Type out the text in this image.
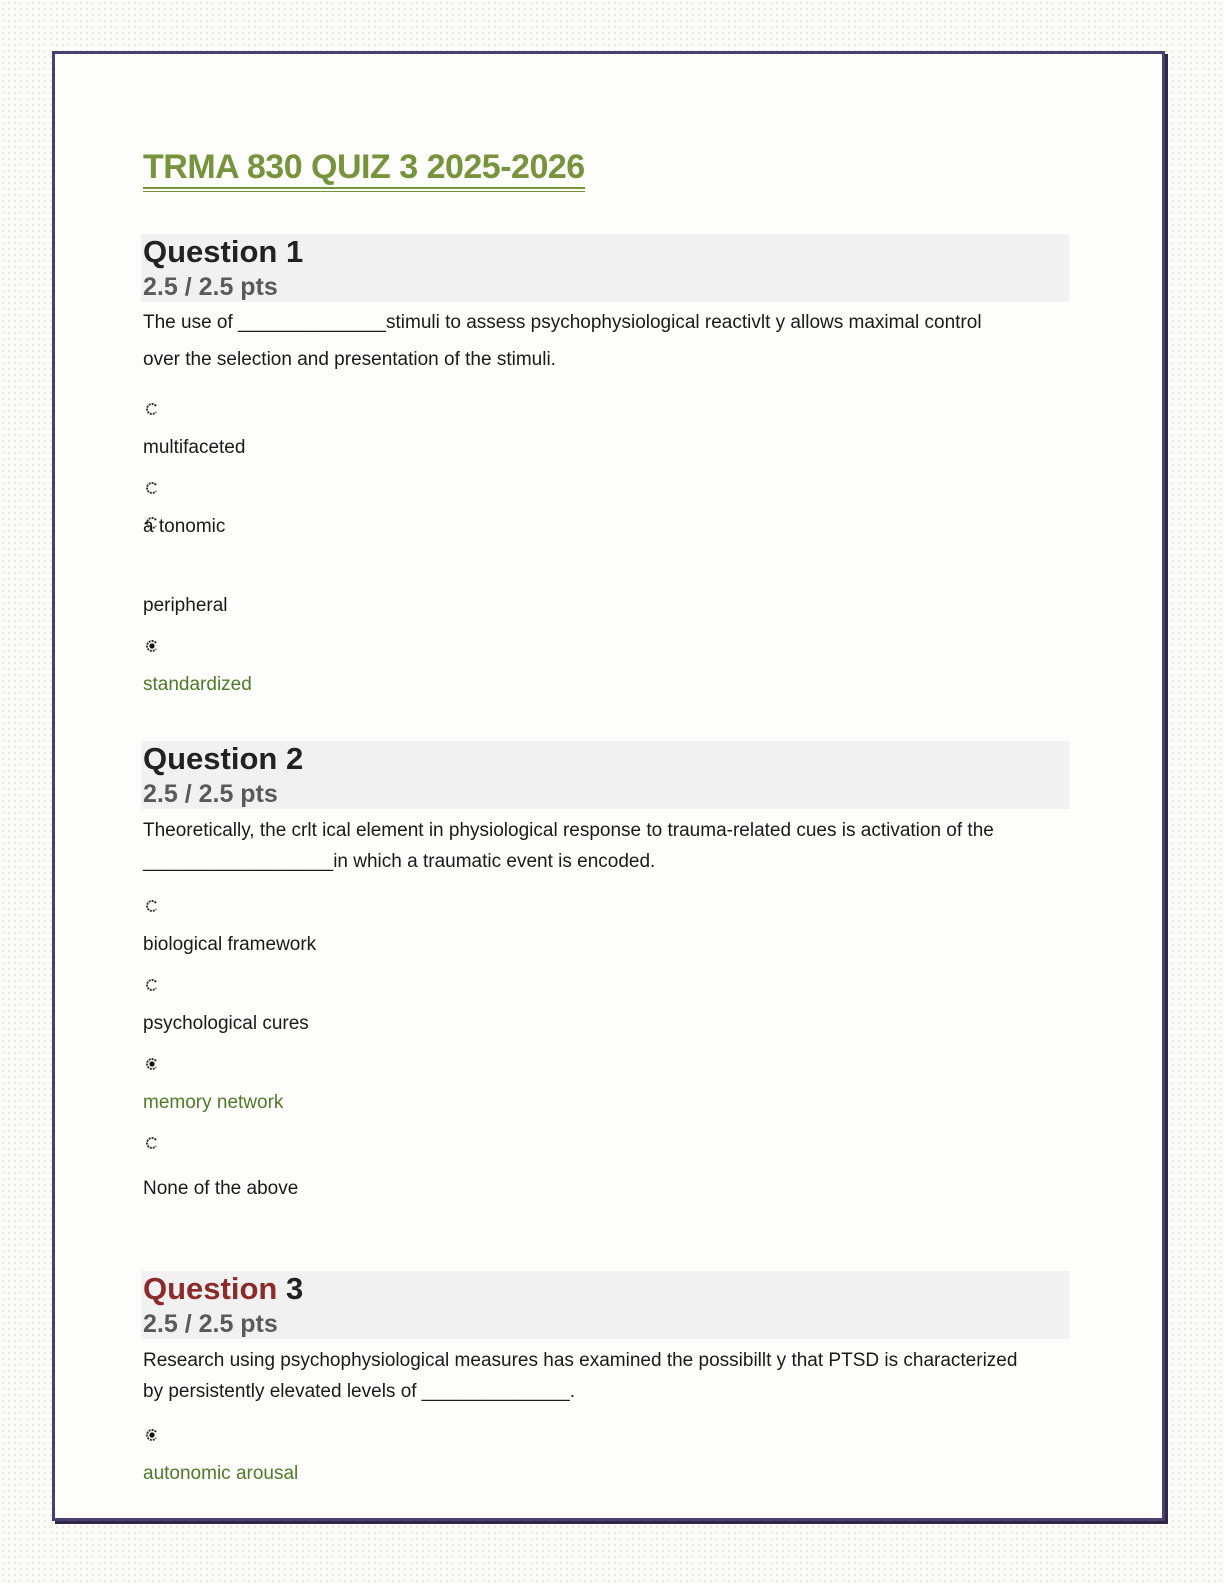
TRMA 830 QUIZ 3 2025-2026
Question 1
2.5 / 2.5 pts

The use of ______________stimuli to assess psychophysiological reactivlt y allows maximal control
over the selection and presentation of the stimuli.

multifaceted
a tonomic
peripheral
standardized
Question 2
2.5 / 2.5 pts

Theoretically, the crlt ical element in physiological response to trauma-related cues is activation of the
__________________in which a traumatic event is encoded.

biological framework
psychological cures
memory network
None of the above
Question 3
2.5 / 2.5 pts

Research using psychophysiological measures has examined the possibillt y that PTSD is characterized
by persistently elevated levels of ______________.

autonomic arousal
